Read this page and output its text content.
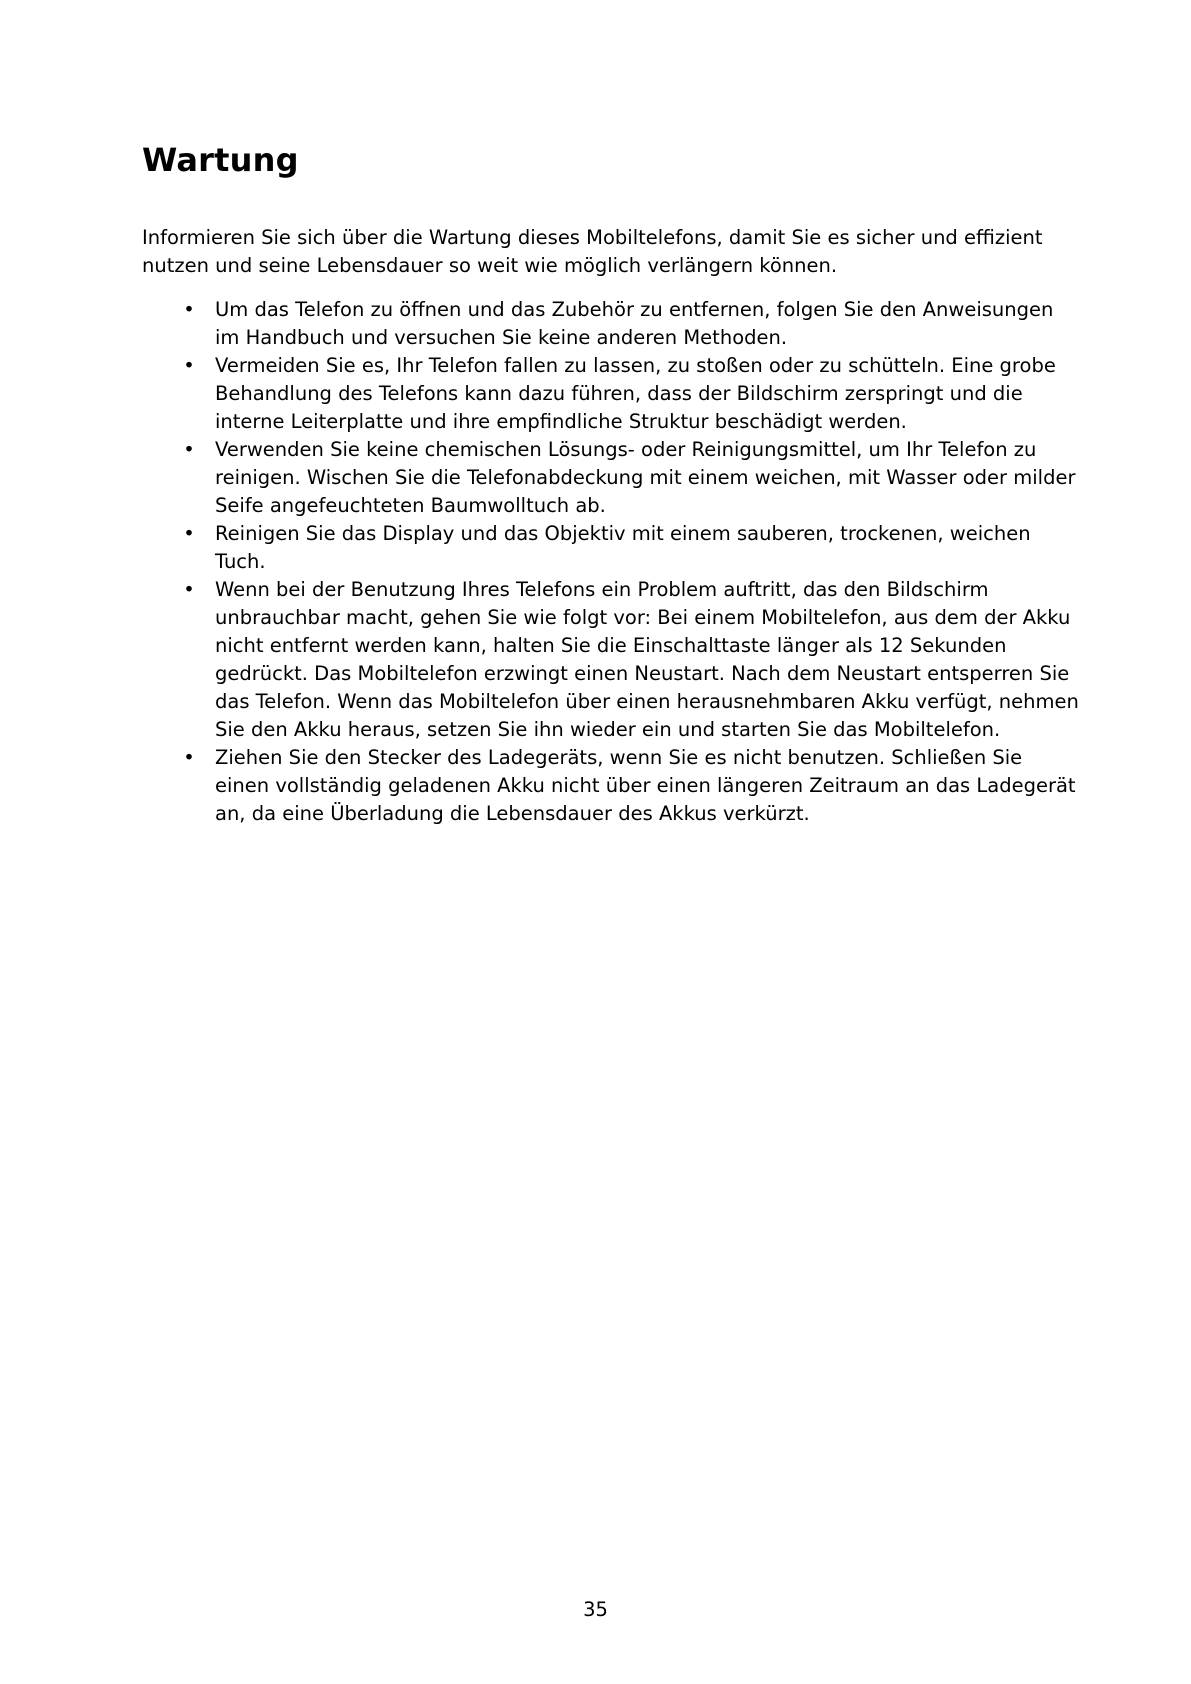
Wartung

Informieren Sie sich über die Wartung dieses Mobiltelefons, damit Sie es sicher und effizient nutzen und seine Lebensdauer so weit wie möglich verlängern können.

• Um das Telefon zu öffnen und das Zubehör zu entfernen, folgen Sie den Anweisungen im Handbuch und versuchen Sie keine anderen Methoden.
• Vermeiden Sie es, Ihr Telefon fallen zu lassen, zu stoßen oder zu schütteln. Eine grobe Behandlung des Telefons kann dazu führen, dass der Bildschirm zerspringt und die interne Leiterplatte und ihre empfindliche Struktur beschädigt werden.
• Verwenden Sie keine chemischen Lösungs- oder Reinigungsmittel, um Ihr Telefon zu reinigen. Wischen Sie die Telefonabdeckung mit einem weichen, mit Wasser oder milder Seife angefeuchteten Baumwolltuch ab.
• Reinigen Sie das Display und das Objektiv mit einem sauberen, trockenen, weichen Tuch.
• Wenn bei der Benutzung Ihres Telefons ein Problem auftritt, das den Bildschirm unbrauchbar macht, gehen Sie wie folgt vor: Bei einem Mobiltelefon, aus dem der Akku nicht entfernt werden kann, halten Sie die Einschalttaste länger als 12 Sekunden gedrückt. Das Mobiltelefon erzwingt einen Neustart. Nach dem Neustart entsperren Sie das Telefon. Wenn das Mobiltelefon über einen herausnehmbaren Akku verfügt, nehmen Sie den Akku heraus, setzen Sie ihn wieder ein und starten Sie das Mobiltelefon.
• Ziehen Sie den Stecker des Ladegeräts, wenn Sie es nicht benutzen. Schließen Sie einen vollständig geladenen Akku nicht über einen längeren Zeitraum an das Ladegerät an, da eine Überladung die Lebensdauer des Akkus verkürzt.
35
